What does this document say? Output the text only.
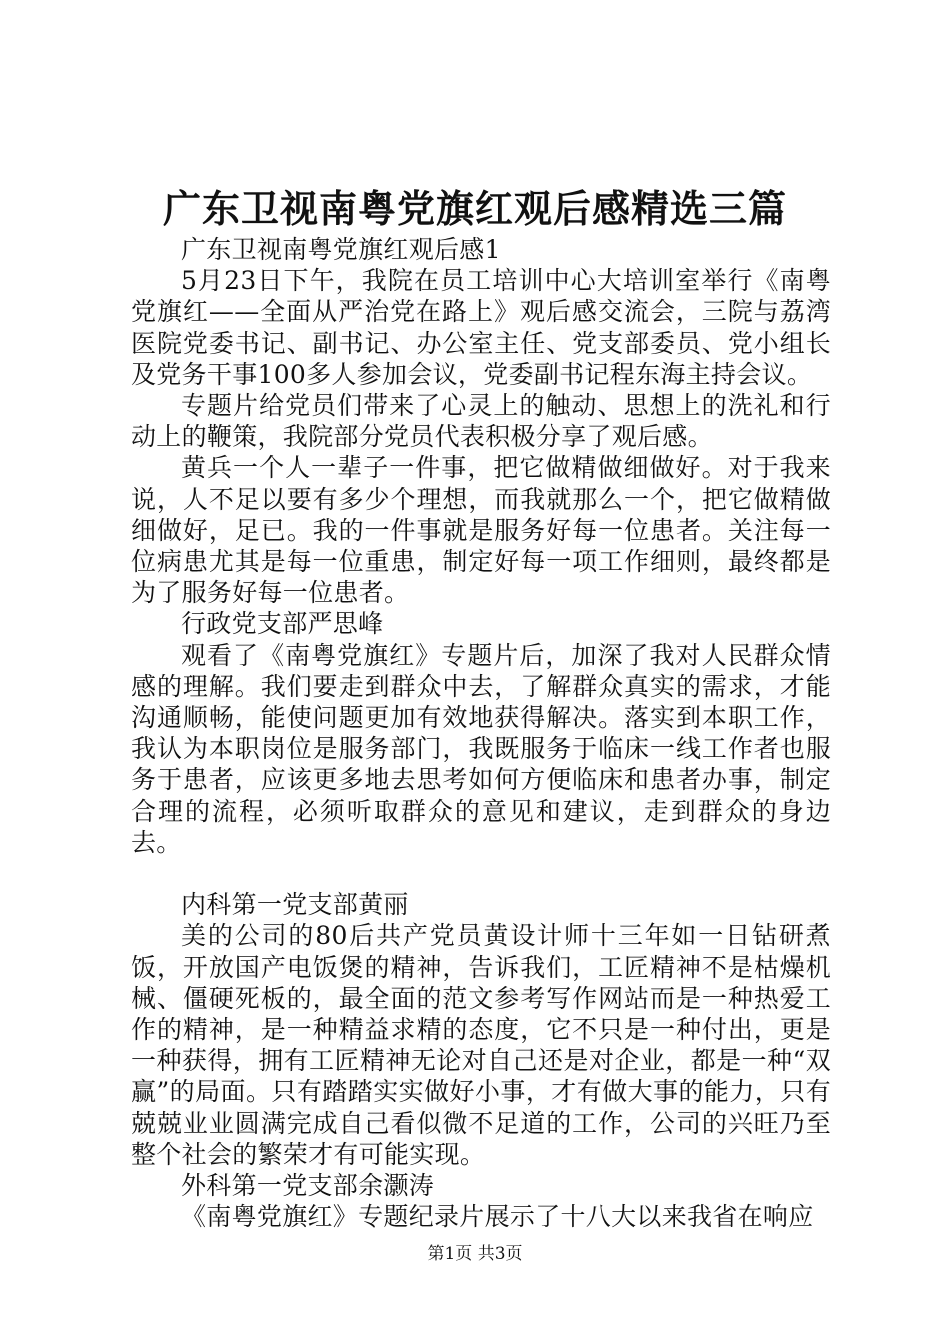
广东卫视南粤党旗红观后感精选三篇

广东卫视南粤党旗红观后感1

5月23日下午，我院在员工培训中心大培训室举行《南粤党旗红——全面从严治党在路上》观后感交流会，三院与荔湾医院党委书记、副书记、办公室主任、党支部委员、党小组长及党务干事100多人参加会议，党委副书记程东海主持会议。

专题片给党员们带来了心灵上的触动、思想上的洗礼和行动上的鞭策，我院部分党员代表积极分享了观后感。

黄兵一个人一辈子一件事，把它做精做细做好。对于我来说，人不足以要有多少个理想，而我就那么一个，把它做精做细做好，足已。我的一件事就是服务好每一位患者。关注每一位病患尤其是每一位重患，制定好每一项工作细则，最终都是为了服务好每一位患者。

行政党支部严思峰

观看了《南粤党旗红》专题片后，加深了我对人民群众情感的理解。我们要走到群众中去，了解群众真实的需求，才能沟通顺畅，能使问题更加有效地获得解决。落实到本职工作，我认为本职岗位是服务部门，我既服务于临床一线工作者也服务于患者，应该更多地去思考如何方便临床和患者办事，制定合理的流程，必须听取群众的意见和建议，走到群众的身边去。

内科第一党支部黄丽

美的公司的80后共产党员黄设计师十三年如一日钻研煮饭，开放国产电饭煲的精神，告诉我们，工匠精神不是枯燥机械、僵硬死板的，最全面的范文参考写作网站而是一种热爱工作的精神，是一种精益求精的态度，它不只是一种付出，更是一种获得，拥有工匠精神无论对自己还是对企业，都是一种“双赢”的局面。只有踏踏实实做好小事，才有做大事的能力，只有兢兢业业圆满完成自己看似微不足道的工作，公司的兴旺乃至整个社会的繁荣才有可能实现。

外科第一党支部余灏涛

《南粤党旗红》专题纪录片展示了十八大以来我省在响应

第1页 共3页
